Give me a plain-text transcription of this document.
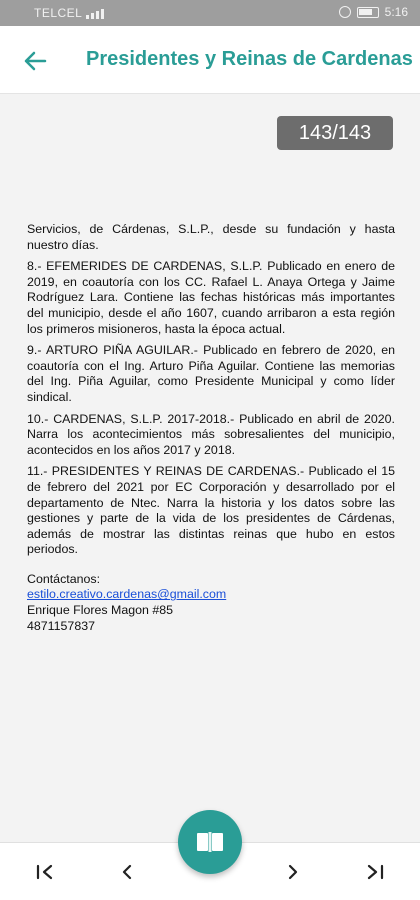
TELCEL	5:16
Presidentes y Reinas de Cardenas
143/143

Servicios, de Cárdenas, S.L.P., desde su fundación y hasta nuestro días.

8.- EFEMERIDES DE CARDENAS, S.L.P. Publicado en enero de 2019, en coautoría con los CC. Rafael L. Anaya Ortega y Jaime Rodríguez Lara. Contiene las fechas históricas más importantes del municipio, desde el año 1607, cuando arribaron a esta región los primeros misioneros, hasta la época actual.

9.- ARTURO PIÑA AGUILAR.- Publicado en febrero de 2020, en coautoría con el Ing. Arturo Piña Aguilar. Contiene las memorias del Ing. Piña Aguilar, como Presidente Municipal y como líder sindical.

10.- CARDENAS, S.L.P. 2017-2018.- Publicado en abril de 2020. Narra los acontecimientos más sobresalientes del municipio, acontecidos en los años 2017 y 2018.

11.- PRESIDENTES Y REINAS DE CARDENAS.- Publicado el 15 de febrero del 2021 por EC Corporación y desarrollado por el departamento de Ntec. Narra la historia y los datos sobre las gestiones y parte de la vida de los presidentes de Cárdenas, además de mostrar las distintas reinas que hubo en estos periodos.

Contáctanos:
estilo.creativo.cardenas@gmail.com
Enrique Flores Magon #85
4871157837
